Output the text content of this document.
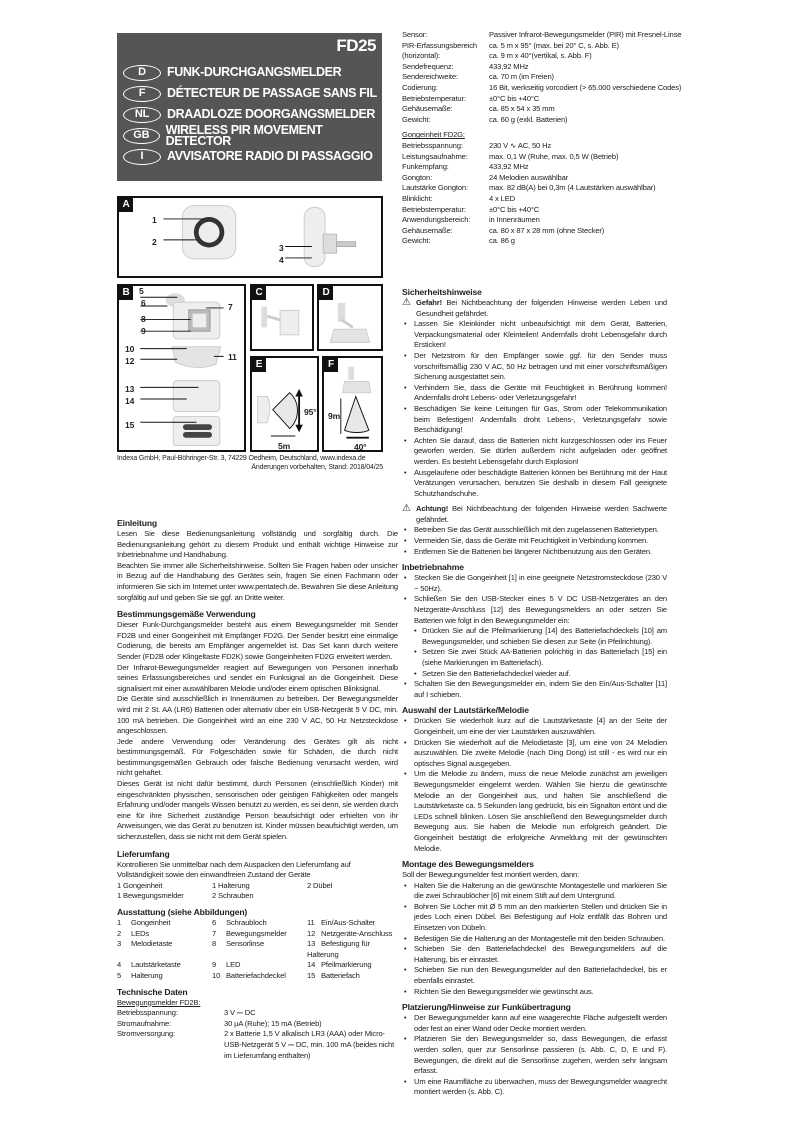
FD25
D	FUNK-DURCHGANGSMELDER
F	DÉTECTEUR DE PASSAGE SANS FIL
NL	DRAADLOZE DOORGANGSMELDER
GB	WIRELESS PIR MOVEMENT DETECTOR
I	AVVISATORE RADIO DI PASSAGGIO
A
1
2
3
4
B	5
6	7
8
9
10
11
12
13
14
15
C	D
E
95°
5m
F
9m
40°
Indexa GmbH, Paul-Böhringer-Str. 3, 74229 Oedheim, Deutschland, www.indexa.de
Änderungen vorbehalten, Stand: 2018/04/25
Einleitung

Lesen Sie diese Bedienungsanleitung vollständig und sorgfältig durch. Die Bedienungsanleitung gehört zu diesem Produkt und enthält wichtige Hinweise zur Inbetriebnahme und Handhabung.

Beachten Sie immer alle Sicherheitshinweise. Sollten Sie Fragen haben oder unsicher in Bezug auf die Handhabung des Gerätes sein, fragen Sie einen Fachmann oder informieren Sie sich im Internet unter www.pentatech.de. Bewahren Sie diese Anleitung sorgfältig auf und geben Sie sie ggf. an Dritte weiter.

Bestimmungsgemäße Verwendung

Dieser Funk-Durchgangsmelder besteht aus einem Bewegungsmelder mit Sender FD2B und einer Gongeinheit mit Empfänger FD2G. Der Sender besitzt eine einmalige Codierung, die bereits am Empfänger angemeldet ist. Das Set kann durch weitere Sender (FD2B oder Klingeltaste FD2K) sowie Gongeinheiten FD2G erweitert werden.

Der Infrarot-Bewegungsmelder reagiert auf Bewegungen von Personen innerhalb seines Erfassungsbereiches und sendet ein Funksignal an die Gongeinheit. Diese signalisiert mit einer auswählbaren Melodie und/oder einem optischen Blinksignal.

Die Geräte sind ausschließlich in Innenräumen zu betreiben. Der Bewegungsmelder wird mit 2 St. AA (LR6) Batterien oder alternativ über ein USB-Netzgerät 5 V DC, min. 100 mA betrieben. Die Gongeinheit wird an eine 230 V AC, 50 Hz Netzsteckdose angeschlossen.

Jede andere Verwendung oder Veränderung des Gerätes gilt als nicht bestimmungsgemäß. Für Folgeschäden sowie für Schäden, die durch nicht bestimmungsgemäßen Gebrauch oder falsche Bedienung verursacht werden, wird nicht gehaftet.

Dieses Gerät ist nicht dafür bestimmt, durch Personen (einschließlich Kinder) mit eingeschränkten physischen, sensorischen oder geistigen Fähigkeiten oder mangels Erfahrung und/oder mangels Wissen benutzt zu werden, es sei denn, sie werden durch eine für ihre Sicherheit zuständige Person beaufsichtigt oder erhielten von ihr Anweisungen, wie das Gerät zu benutzen ist. Kinder müssen beaufsichtigt werden, um sicherzustellen, dass sie nicht mit dem Gerät spielen.

Lieferumfang

Kontrollieren Sie unmittelbar nach dem Auspacken den Lieferumfang auf Vollständigkeit sowie den einwandfreien Zustand der Geräte

1 Gongeinheit	1 Halterung	2 Dübel
1 Bewegungsmelder	2 Schrauben
Ausstattung (siehe Abbildungen)
1 Gongeinheit	6 Schraubloch	11 Ein/Aus-Schalter
2 LEDs	7 Bewegungsmelder	12 Netzgeräte-Anschluss
3 Melodietaste	8 Sensorlinse	13 Befestigung für Halterung
4 Lautstärketaste	9 LED	14 Pfeilmarkierung
5 Halterung	10 Batteriefachdeckel	15 Batteriefach
Technische Daten
Bewegungsmelder FD2B:
Betriebsspannung:	3 V ⎓ DC
Stromaufnahme:	30 µA (Ruhe); 15 mA (Betrieb)
Stromversorgung:	2 x Batterie 1,5 V alkalisch LR3 (AAA) oder Micro-USB-Netzgerät 5 V ⎓ DC, min. 100 mA (beides nicht im Lieferumfang enthalten)
Sensor:	Passiver Infrarot-Bewegungsmelder (PIR) mit Fresnel-Linse
PIR-Erfassungsbereich	ca. 5 m x 95° (max. bei 20° C, s. Abb. E)
(horizontal):	ca. 9 m x 40°(vertikal, s. Abb. F)
Sendefrequenz:	433,92 MHz
Sendereichweite:	ca. 70 m (im Freien)
Codierung:	16 Bit, werkseitig vorcodiert (> 65.000 verschiedene Codes)
Betriebstemperatur:	±0°C bis +40°C
Gehäusemaße:	ca. 85 x 54 x 35 mm
Gewicht:	ca. 60 g (exkl. Batterien)
Gongeinheit FD2G:
Betriebsspannung:	230 V ∿ AC, 50 Hz
Leistungsaufnahme:	max. 0,1 W (Ruhe, max. 0,5 W (Betrieb)
Funkempfang:	433,92 MHz
Gongton:	24 Melodien auswählbar
Lautstärke Gongton:	max. 82 dB(A) bei 0,3m (4 Lautstärken auswählbar)
Blinklicht:	4 x LED
Betriebstemperatur:	±0°C bis +40°C
Anwendungsbereich:	in Innenräumen
Gehäusemaße:	ca. 80 x 87 x 28 mm (ohne Stecker)
Gewicht:	ca. 86 g
Sicherheitshinweise

⚠ Gefahr! Bei Nichtbeachtung der folgenden Hinweise werden Leben und Gesundheit gefährdet.

• Lassen Sie Kleinkinder nicht unbeaufsichtigt mit dem Gerät, Batterien, Verpackungsmaterial oder Kleinteilen! Andernfalls droht Lebensgefahr durch Ersticken!
• Der Netzstrom für den Empfänger sowie ggf. für den Sender muss vorschriftsmäßig 230 V AC, 50 Hz betragen und mit einer vorschriftsmäßigen Sicherung ausgestattet sein.
• Verhindern Sie, dass die Geräte mit Feuchtigkeit in Berührung kommen! Andernfalls droht Lebens- oder Verletzungsgefahr!
• Beschädigen Sie keine Leitungen für Gas, Strom oder Telekommunikation beim Befestigen! Andernfalls droht Lebens-, Verletzungsgefahr sowie Beschädigung!
• Achten Sie darauf, dass die Batterien nicht kurzgeschlossen oder ins Feuer geworfen werden. Sie dürfen außerdem nicht aufgeladen oder geöffnet werden. Es besteht Lebensgefahr durch Explosion!
• Ausgelaufene oder beschädigte Batterien können bei Berührung mit der Haut Verätzungen verursachen, benutzen Sie deshalb in diesem Fall geeignete Schutzhandschuhe.

⚠ Achtung! Bei Nichtbeachtung der folgenden Hinweise werden Sachwerte gefährdet.

• Betreiben Sie das Gerät ausschließlich mit den zugelassenen Batterietypen.
• Vermeiden Sie, dass die Geräte mit Feuchtigkeit in Verbindung kommen.
• Entfernen Sie die Batterien bei längerer Nichtbenutzung aus den Geräten.
Inbetriebnahme
• Stecken Sie die Gongeinheit [1] in eine geeignete Netzstromsteckdose (230 V ~ 50Hz).
• Schließen Sie den USB-Stecker eines 5 V DC USB-Netzgerätes an den Netzgeräte-Anschluss [12] des Bewegungsmelders an oder setzen Sie Batterien wie folgt in den Bewegungsmelder ein:
• Drücken Sie auf die Pfeilmarkierung [14] des Batteriefachdeckels [10] am Bewegungsmelder, und schieben Sie diesen zur Seite (in Pfeilrichtung).
• Setzen Sie zwei Stück AA-Batterien polrichtig in das Batteriefach [15] ein (siehe Markierungen im Batteriefach).
• Setzen Sie den Batteriefachdeckel wieder auf.
• Schalten Sie den Bewegungsmelder ein, indem Sie den Ein/Aus-Schalter [11] auf I schieben.
Auswahl der Lautstärke/Melodie
• Drücken Sie wiederholt kurz auf die Lautstärketaste [4] an der Seite der Gongeinheit, um eine der vier Lautstärken auszuwählen.
• Drücken Sie wiederholt auf die Melodietaste [3], um eine von 24 Melodien auszuwählen. Die zweite Melodie (nach Ding Dong) ist still - es wird nur ein optisches Signal ausgegeben.
• Um die Melodie zu ändern, muss die neue Melodie zunächst am jeweiligen Bewegungsmelder eingelernt werden. Wählen Sie hierzu die gewünschte Melodie an der Gongeinheit aus, und halten Sie anschließend die Lautstärketaste ca. 5 Sekunden lang gedrückt, bis ein Signalton ertönt und die LEDs schnell blinken. Lösen Sie anschließend den Bewegungsmelder durch Bewegung aus. Sie haben die Melodie nun erfolgreich geändert. Die Gongeinheit bestätigt die erfolgreiche Anmeldung mit der gewünschten Melodie.
Montage des Bewegungsmelders

Soll der Bewegungsmelder fest montiert werden, dann:

• Halten Sie die Halterung an die gewünschte Montagestelle und markieren Sie die zwei Schraublöcher [6] mit einem Stift auf dem Untergrund.
• Bohren Sie Löcher mit Ø 5 mm an den markierten Stellen und drücken Sie in jedes Loch einen Dübel. Bei Befestigung auf Holz entfällt das Bohren und Einsetzen von Dübeln.
• Befestigen Sie die Halterung an der Montagestelle mit den beiden Schrauben.
• Schieben Sie den Batteriefachdeckel des Bewegungsmelders auf die Halterung, bis er einrastet.
• Schieben Sie nun den Bewegungsmelder auf den Batteriefachdeckel, bis er ebenfalls einrastet.
• Richten Sie den Bewegungsmelder wie gewünscht aus.
Platzierung/Hinweise zur Funkübertragung
• Der Bewegungsmelder kann auf eine waagerechte Fläche aufgestellt werden oder fest an einer Wand oder Decke montiert werden.
• Platzieren Sie den Bewegungsmelder so, dass Bewegungen, die erfasst werden sollen, quer zur Sensorlinse passieren (s. Abb. C, D, E und F). Bewegungen, die direkt auf die Sensorlinse zugehen, werden sehr langsam erfasst.
• Um eine Raumfläche zu überwachen, muss der Bewegungsmelder waagrecht montiert werden (s. Abb. C).
